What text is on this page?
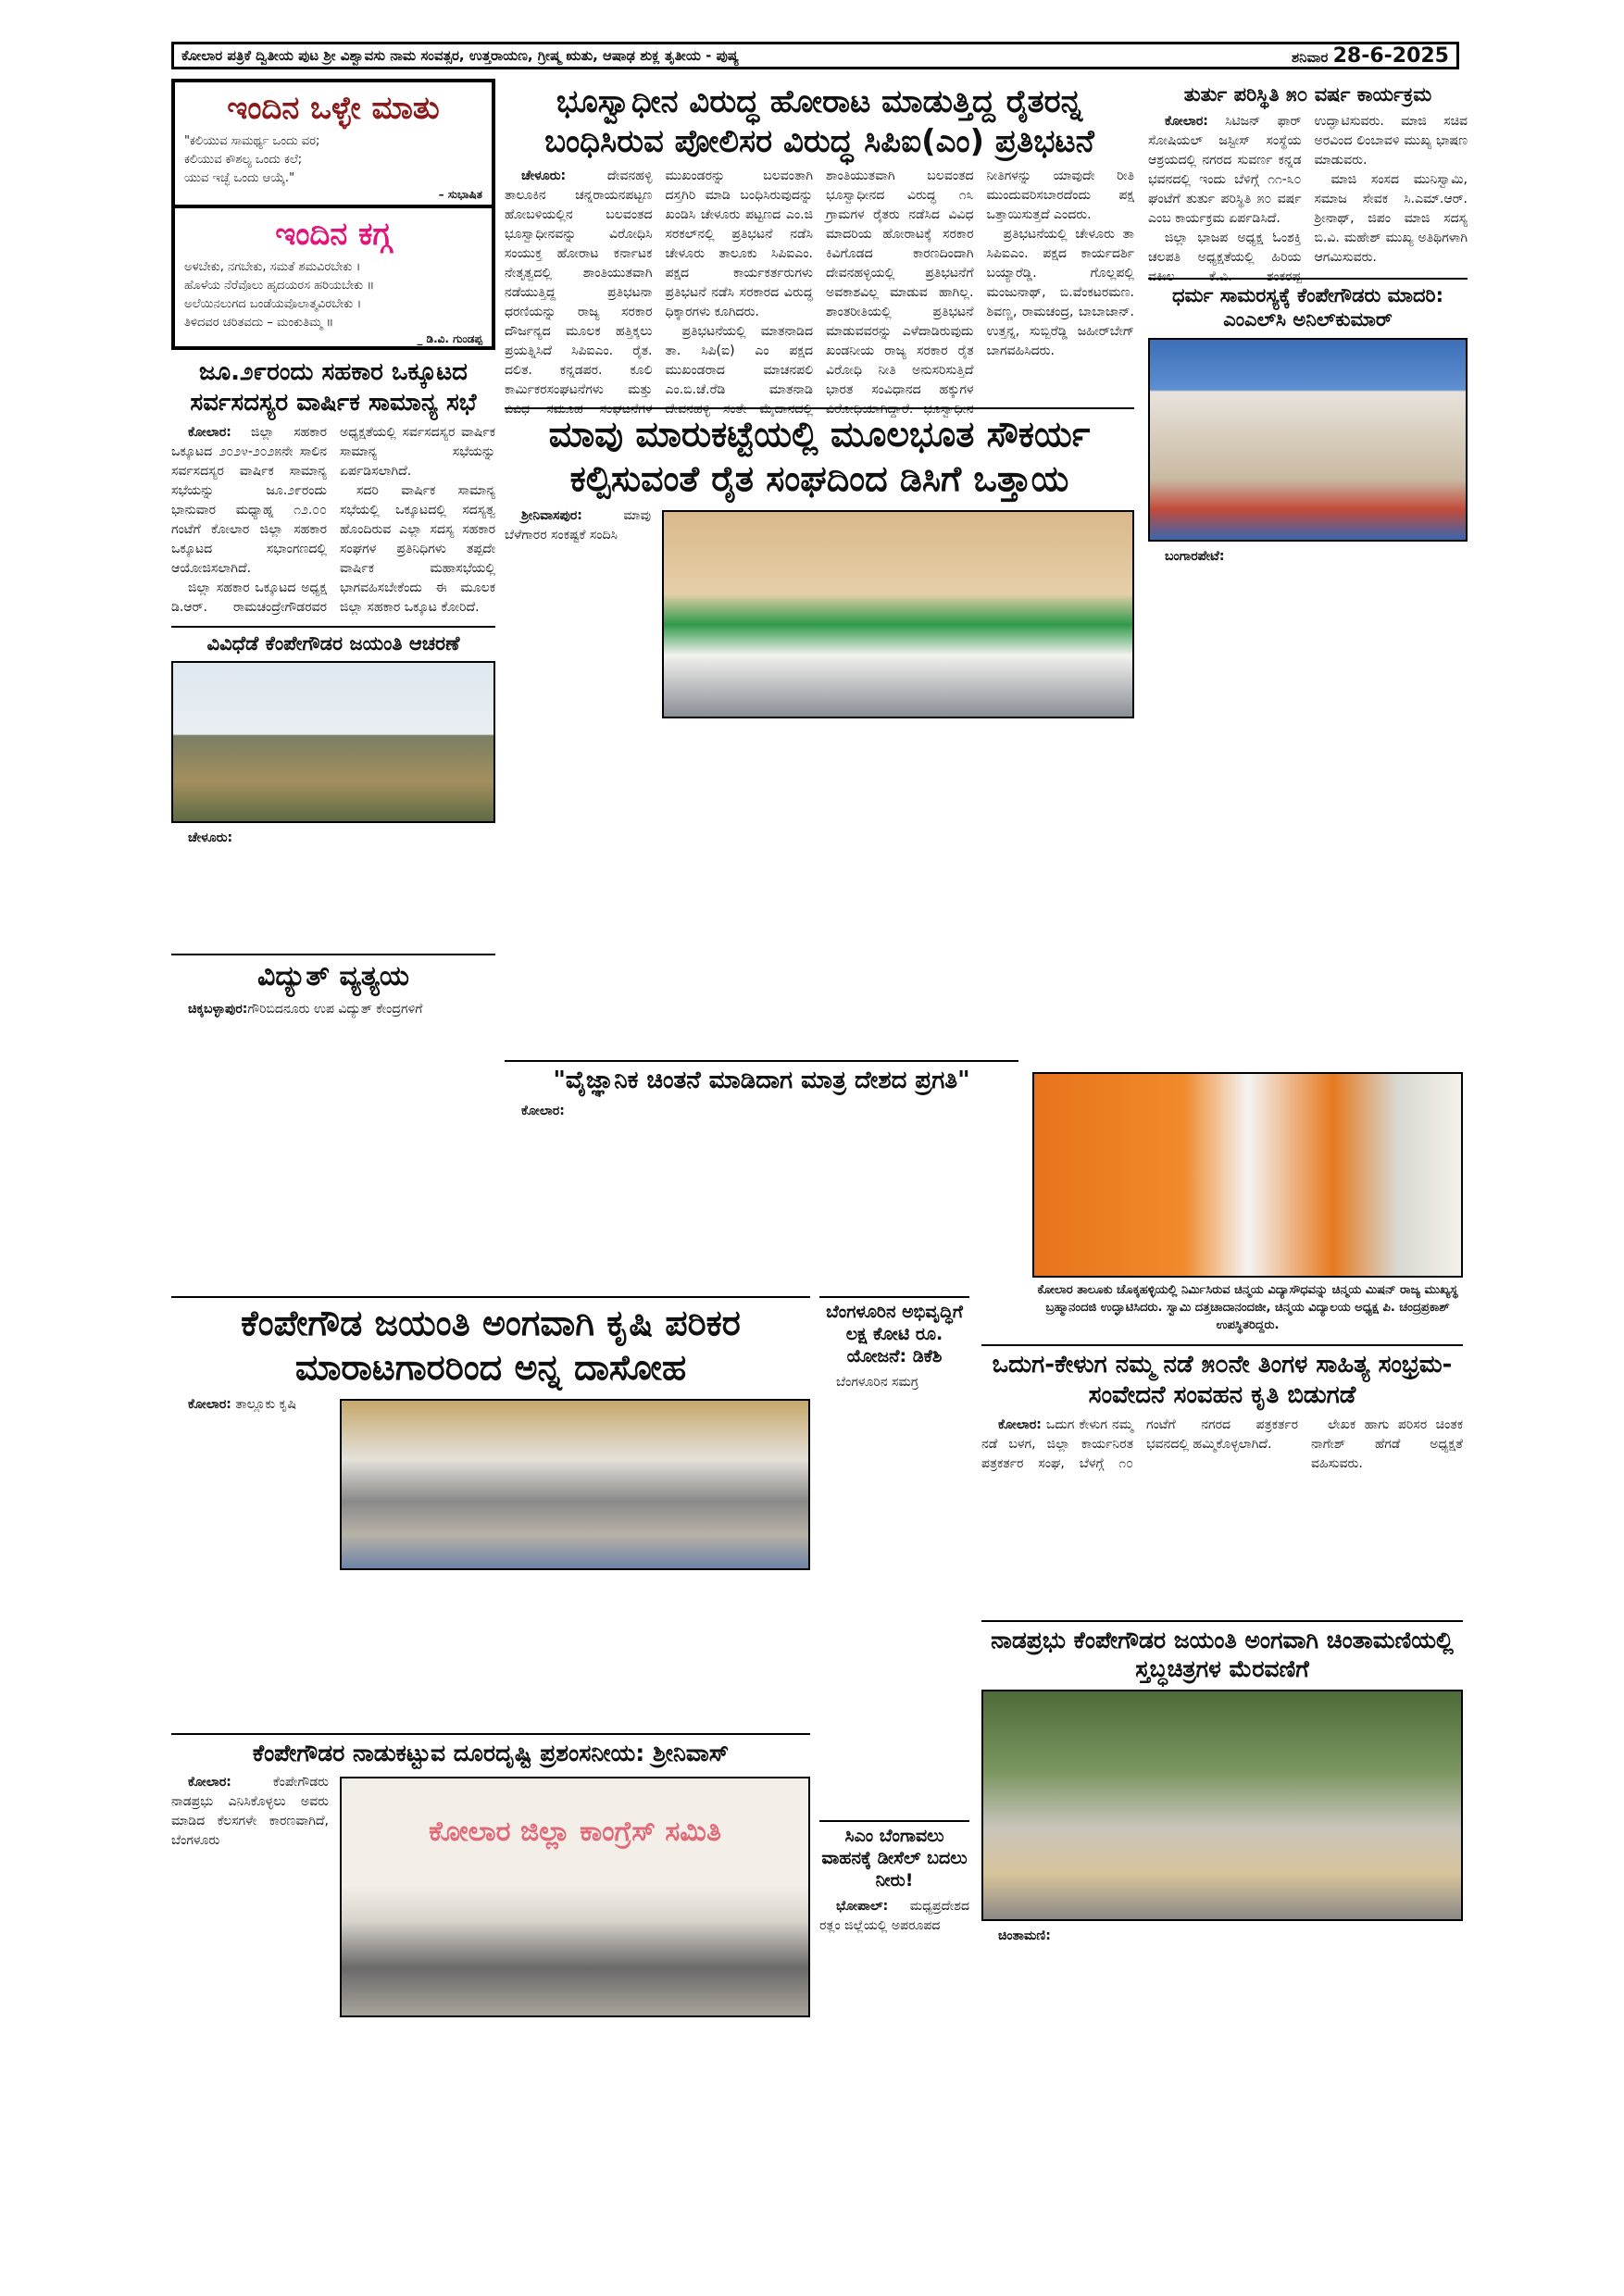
ಕೋಲಾರ ಪತ್ರಿಕೆ ದ್ವಿತೀಯ ಪುಟ ಶ್ರೀ ವಿಶ್ವಾವಸು ನಾಮ ಸಂವತ್ಸರ, ಉತ್ತರಾಯಣ, ಗ್ರೀಷ್ಮ ಋತು, ಆಷಾಢ ಶುಕ್ಲ ತೃತೀಯ - ಪುಷ್ಯ	ಶನಿವಾರ 28-6-2025
ಇಂದಿನ ಒಳ್ಳೇ ಮಾತು
"ಕಲಿಯುವ ಸಾಮರ್ಥ್ಯ ಒಂದು ವರ;
ಕಲಿಯುವ ಕೌಶಲ್ಯ ಒಂದು ಕಲೆ;
ಯುವ ಇಚ್ಛೆ ಒಂದು ಆಯ್ಕೆ."
– ಸುಭಾಷಿತ
ಇಂದಿನ ಕಗ್ಗ
ಅಳಬೇಕು, ನಗಬೇಕು, ಸಮತೆ ಶಮವಿರಬೇಕು ।
ಹೊಳೆಯ ನೆರೆವೊಲು ಹೃದಯರಸ ಹರಿಯಬೇಕು ॥
ಅಲೆಯಿನಲುಗದ ಬಂಡೆಯವೊಲಾತ್ಮವಿರಬೇಕು ।
ತಿಳಿದವರ ಚರಿತವದು – ಮಂಕುತಿಮ್ಮ ॥
_ ಡಿ.ವಿ. ಗುಂಡಪ್ಪ
ಜೂ.೨೯ರಂದು ಸಹಕಾರ ಒಕ್ಕೂಟದ ಸರ್ವಸದಸ್ಯರ ವಾರ್ಷಿಕ ಸಾಮಾನ್ಯ ಸಭೆ

ಕೋಲಾರ: ಜಿಲ್ಲಾ ಸಹಕಾರ ಒಕ್ಕೂಟದ ೨೦೨೪-೨೦೨೫ನೇ ಸಾಲಿನ ಸರ್ವಸದಸ್ಯರ ವಾರ್ಷಿಕ ಸಾಮಾನ್ಯ ಸಭೆಯನ್ನು ಜೂ.೨೯ರಂದು ಭಾನುವಾರ ಮಧ್ಯಾಹ್ನ ೧೨.೦೦ ಗಂಟೆಗೆ ಕೋಲಾರ ಜಿಲ್ಲಾ ಸಹಕಾರ ಒಕ್ಕೂಟದ ಸಭಾಂಗಣದಲ್ಲಿ ಆಯೋಜಿಸಲಾಗಿದೆ.

ಜಿಲ್ಲಾ ಸಹಕಾರ ಒಕ್ಕೂಟದ ಅಧ್ಯಕ್ಷ ಡಿ.ಆರ್. ರಾಮಚಂದ್ರೇಗೌಡರವರ ಅಧ್ಯಕ್ಷತೆಯಲ್ಲಿ ಸರ್ವಸದಸ್ಯರ ವಾರ್ಷಿಕ ಸಾಮಾನ್ಯ ಸಭೆಯನ್ನು ಏರ್ಪಡಿಸಲಾಗಿದೆ.

ಸದರಿ ವಾರ್ಷಿಕ ಸಾಮಾನ್ಯ ಸಭೆಯಲ್ಲಿ ಒಕ್ಕೂಟದಲ್ಲಿ ಸದಸ್ಯತ್ವ ಹೊಂದಿರುವ ಎಲ್ಲಾ ಸದಸ್ಯ ಸಹಕಾರ ಸಂಘಗಳ ಪ್ರತಿನಿಧಿಗಳು ತಪ್ಪದೇ ವಾರ್ಷಿಕ ಮಹಾಸಭೆಯಲ್ಲಿ ಭಾಗವಹಿಸಬೇಕೆಂದು ಈ ಮೂಲಕ ಜಿಲ್ಲಾ ಸಹಕಾರ ಒಕ್ಕೂಟ ಕೋರಿದೆ.

ವಿವಿಧೆಡೆ ಕೆಂಪೇಗೌಡರ ಜಯಂತಿ ಆಚರಣೆ

ಚೇಳೂರು:

ವಿದ್ಯುತ್ ವ್ಯತ್ಯಯ

ಚಿಕ್ಕಬಳ್ಳಾಪುರ:ಗೌರಿಬಿದನೂರು ಉಪ ವಿದ್ಯುತ್ ಕೇಂದ್ರಗಳಿಗೆ

ಭೂಸ್ವಾಧೀನ ವಿರುದ್ಧ ಹೋರಾಟ ಮಾಡುತ್ತಿದ್ದ ರೈತರನ್ನ ಬಂಧಿಸಿರುವ ಪೋಲಿಸರ ವಿರುದ್ಧ ಸಿಪಿಐ(ಎಂ) ಪ್ರತಿಭಟನೆ

ಚೇಳೂರು:	ದೇವನಹಳ್ಳಿ ತಾಲೂಕಿನ ಚನ್ನರಾಯನಪಟ್ಟಣ ಹೋಬಳಿಯಲ್ಲಿನ ಬಲವಂತದ ಭೂಸ್ವಾಧೀನವನ್ನು ವಿರೋಧಿಸಿ ಸಂಯುಕ್ತ ಹೋರಾಟ ಕರ್ನಾಟಕ ನೇತೃತ್ವದಲ್ಲಿ ಶಾಂತಿಯುತವಾಗಿ ನಡೆಯುತ್ತಿದ್ದ ಪ್ರತಿಭಟನಾ ಧರಣಿಯನ್ನು ರಾಜ್ಯ ಸರಕಾರ ದೌರ್ಜನ್ಯದ ಮೂಲಕ ಹತ್ತಿಕ್ಕಲು ಪ್ರಯತ್ನಿಸಿದೆ ಸಿಪಿಐಎಂ. ರೈತ. ದಲಿತ. ಕನ್ನಡಪರ. ಕೂಲಿ ಕಾರ್ಮಿಕರಸಂಘಟನೆಗಳು ಮತ್ತು ವಿವಿಧ ಸಮೂಹ ಸಂಘಟನೆಗಳ ಮುಖಂಡರನ್ನು ಬಲವಂತಾಗಿ ದಸ್ತಗಿರಿ ಮಾಡಿ ಬಂಧಿಸಿರುವುದನ್ನು ಖಂಡಿಸಿ ಚೇಳೂರು ಪಟ್ಟಣದ ಎಂ.ಜಿ ಸರಕಲ್‌ನಲ್ಲಿ ಪ್ರತಿಭಟನೆ ನಡೆಸಿ ಚೇಳೂರು ತಾಲೂಕು ಸಿಪಿಐಎಂ. ಪಕ್ಷದ ಕಾರ್ಯಕರ್ತರುಗಳು ಪ್ರತಿಭಟನೆ ನಡೆಸಿ ಸರಕಾರದ ವಿರುದ್ಧ ಧಿಕ್ಕಾರಗಳು ಕೂಗಿದರು.

ಪ್ರತಿಭಟನೆಯಲ್ಲಿ ಮಾತನಾಡಿದ ತಾ. ಸಿಪಿ(ಐ) ಎಂ ಪಕ್ಷದ ಮುಖಂಡರಾದ ಮಾಚನಪಲಿ ಎಂ.ಬಿ.ಚೆ.ರೆಡಿ ಮಾತನಾಡಿ ದೇವನಹಳ್ಳಿ ಸಂತೇ ಮೈದಾನದಲ್ಲಿ ಶಾಂತಿಯುತವಾಗಿ ಬಲವಂತದ ಭೂಸ್ವಾಧೀನದ ವಿರುದ್ಧ ೧೩ ಗ್ರಾಮಗಳ ರೈತರು ನಡೆಸಿದ ವಿವಿಧ ಮಾದರಿಯ ಹೋರಾಟಕ್ಕೆ ಸರಕಾರ ಕಿವಿಗೊಡದ ಕಾರಣದಿಂದಾಗಿ ದೇವನಹಳ್ಳಿಯಲ್ಲಿ ಪ್ರತಿಭಟನೆಗೆ ಅವಕಾಶವಿಲ್ಲ ಮಾಡುವ ಹಾಗಿಲ್ಲ. ಶಾಂತರೀತಿಯಲ್ಲಿ ಪ್ರತಿಭಟನೆ ಮಾಡುವವರನ್ನು ಎಳೆದಾಡಿರುವುದು ಖಂಡನೀಯ ರಾಜ್ಯ ಸರಕಾರ ರೈತ ವಿರೋಧಿ ನೀತಿ ಅನುಸರಿಸುತ್ತಿದೆ ಭಾರತ ಸಂವಿಧಾನದ ಹಕ್ಕುಗಳ ವಿರೋಧಿಯಾಗಿದ್ದಾರೆ. ಭೂಸ್ವಾಧೀನ ನೀತಿಗಳನ್ನು ಯಾವುದೇ ರೀತಿ ಮುಂದುವರಿಸಬಾರದೆಂದು ಪಕ್ಷ ಒತ್ತಾಯಿಸುತ್ತದೆ ಎಂದರು.

ಪ್ರತಿಭಟನೆಯಲ್ಲಿ ಚೇಳೂರು ತಾ ಸಿಪಿಐಎಂ. ಪಕ್ಷದ ಕಾರ್ಯದರ್ಶಿ ಬಯ್ಯಾರೆಡ್ಡಿ. ಗೊಲ್ಲಪಲ್ಲಿ ಮಂಜುನಾಥ್, ಬಿ.ವೆಂಕಟರಮಣ. ಶಿವಣ್ಣ, ರಾಮಚಂದ್ರ, ಬಾಬಾಜಾನ್. ಉತ್ತನ್ನ, ಸುಬ್ಬಿರೆಡ್ಡಿ ಜಹೀರ್‌ಬೇಗ್ ಬಾಗವಹಿಸಿದರು.

ತುರ್ತು ಪರಿಸ್ಥಿತಿ ೫೦ ವರ್ಷ ಕಾರ್ಯಕ್ರಮ

ಕೋಲಾರ: ಸಿಟಿಜನ್ ಫಾರ್ ಸೋಷಿಯಲ್ ಜಸ್ಟೀಸ್ ಸಂಸ್ಥೆಯ ಆಶ್ರಯದಲ್ಲಿ ನಗರದ ಸುವರ್ಣ ಕನ್ನಡ ಭವನದಲ್ಲಿ ಇಂದು ಬೆಳಿಗ್ಗೆ ೧೧-೩೦ ಘಂಟೆಗೆ ತುರ್ತು ಪರಿಸ್ಥಿತಿ ೫೦ ವರ್ಷ ಎಂಬ ಕಾರ್ಯಕ್ರಮ ಏರ್ಪಡಿಸಿದೆ.

ಜಿಲ್ಲಾ ಭಾಜಪ ಅಧ್ಯಕ್ಷ ಓಂಶಕ್ತಿ ಚಲಪತಿ ಅಧ್ಯಕ್ಷತೆಯಲ್ಲಿ ಹಿರಿಯ ವಕೀಲ ಕೆ.ವಿ. ಶಂಕರಪ್ಪ ಉದ್ಘಾಟಿಸುವರು. ಮಾಜಿ ಸಚಿವ ಅರವಿಂದ ಲಿಂಬಾವಳಿ ಮುಖ್ಯ ಭಾಷಣ ಮಾಡುವರು.

ಮಾಜಿ ಸಂಸದ ಮುನಿಸ್ವಾಮಿ, ಸಮಾಜ ಸೇವಕ ಸಿ.ಎಮ್.ಆರ್. ಶ್ರೀನಾಥ್, ಜಿಪಂ ಮಾಜಿ ಸದಸ್ಯ ಬಿ.ವಿ. ಮಹೇಶ್ ಮುಖ್ಯ ಅತಿಥಿಗಳಾಗಿ ಆಗಮಿಸುವರು.

ಧರ್ಮ ಸಾಮರಸ್ಯಕ್ಕೆ ಕೆಂಪೇಗೌಡರು ಮಾದರಿ: ಎಂಎಲ್‌ಸಿ ಅನಿಲ್‌ಕುಮಾರ್

ಬಂಗಾರಪೇಟೆ:

ಮಾವು ಮಾರುಕಟ್ಟೆಯಲ್ಲಿ ಮೂಲಭೂತ ಸೌಕರ್ಯ ಕಲ್ಪಿಸುವಂತೆ ರೈತ ಸಂಘದಿಂದ ಡಿಸಿಗೆ ಒತ್ತಾಯ

ಶ್ರೀನಿವಾಸಪುರ:	ಮಾವು ಬೆಳೆಗಾರರ ಸಂಕಷ್ಟಕೆ ಸಂದಿಸಿ

"ವೈಜ್ಞಾನಿಕ ಚಿಂತನೆ ಮಾಡಿದಾಗ ಮಾತ್ರ ದೇಶದ ಪ್ರಗತಿ"

ಕೋಲಾರ:

ಕೋಲಾರ ತಾಲೂಕು ಚೊಕ್ಕಹಳ್ಳಿಯಲ್ಲಿ ನಿರ್ಮಿಸಿರುವ ಚಿನ್ಮಯ ವಿದ್ಯಾಸೌಧವನ್ನು ಚಿನ್ಮಯ ಮಿಷನ್ ರಾಜ್ಯ ಮುಖ್ಯಸ್ಥ ಬ್ರಹ್ಮಾನಂದಜಿ ಉದ್ಘಾಟಿಸಿದರು. ಸ್ವಾಮಿ ದತ್ತಚಾದಾನಂದಜೀ, ಚಿನ್ಮಯ ವಿದ್ಯಾಲಯ ಅಧ್ಯಕ್ಷ ಪಿ. ಚಂದ್ರಪ್ರಕಾಶ್ ಉಪಸ್ಥಿತರಿದ್ದರು.
ಕೆಂಪೇಗೌಡ ಜಯಂತಿ ಅಂಗವಾಗಿ ಕೃಷಿ ಪರಿಕರ ಮಾರಾಟಗಾರರಿಂದ ಅನ್ನ ದಾಸೋಹ

ಕೋಲಾರ: ತಾಲ್ಲೂಕು ಕೃಷಿ

ಬೆಂಗಳೂರಿನ ಅಭಿವೃದ್ಧಿಗೆ ಲಕ್ಷ ಕೋಟಿ ರೂ. ಯೋಜನೆ: ಡಿಕೆಶಿ

ಬೆಂಗಳೂರಿನ ಸಮಗ್ರ

ಸಿಎಂ ಬೆಂಗಾವಲು ವಾಹನಕ್ಕೆ ಡೀಸೆಲ್ ಬದಲು ನೀರು!

ಭೋಪಾಲ್: ಮಧ್ಯಪ್ರದೇಶದ ರತ್ಲಂ ಜಿಲ್ಲೆಯಲ್ಲಿ ಅಪರೂಪದ

ಒದುಗ-ಕೇಳುಗ ನಮ್ಮ ನಡೆ ೫೦ನೇ ತಿಂಗಳ ಸಾಹಿತ್ಯ ಸಂಭ್ರಮ-ಸಂವೇದನೆ ಸಂವಹನ ಕೃತಿ ಬಿಡುಗಡೆ

ಕೋಲಾರ: ಒದುಗ ಕೇಳುಗ ನಮ್ಮ ನಡೆ ಬಳಗ, ಜಿಲ್ಲಾ ಕಾರ್ಯನಿರತ ಪತ್ರಕರ್ತರ ಸಂಘ, ಬೆಳಗ್ಗೆ ೧೦ ಗಂಟೆಗೆ ನಗರದ ಪತ್ರಕರ್ತರ ಭವನದಲ್ಲಿ ಹಮ್ಮಿಕೊಳ್ಳಲಾಗಿದೆ.

ಲೇಖಕ ಹಾಗು ಪರಿಸರ ಚಿಂತಕ ನಾಗೇಶ್ ಹೆಗಡೆ ಅಧ್ಯಕ್ಷತೆ ವಹಿಸುವರು.

ನಾಡಪ್ರಭು ಕೆಂಪೇಗೌಡರ ಜಯಂತಿ ಅಂಗವಾಗಿ ಚಿಂತಾಮಣಿಯಲ್ಲಿ ಸ್ತಬ್ಧಚಿತ್ರಗಳ ಮೆರವಣಿಗೆ

ಚಿಂತಾಮಣಿ:

ಕೆಂಪೇಗೌಡರ ನಾಡುಕಟ್ಟುವ ದೂರದೃಷ್ಟಿ ಪ್ರಶಂಸನೀಯ: ಶ್ರೀನಿವಾಸ್

ಕೋಲಾರ:	ಕೆಂಪೇಗೌಡರು ನಾಡಪ್ರಭು ಎನಿಸಿಕೊಳ್ಳಲು ಅವರು ಮಾಡಿದ ಕೆಲಸಗಳೇ ಕಾರಣವಾಗಿದೆ, ಬೆಂಗಳೂರು	ಕೋಲಾರ ಜಿಲ್ಲಾ ಕಾಂಗ್ರೆಸ್ ಸಮಿತಿ
